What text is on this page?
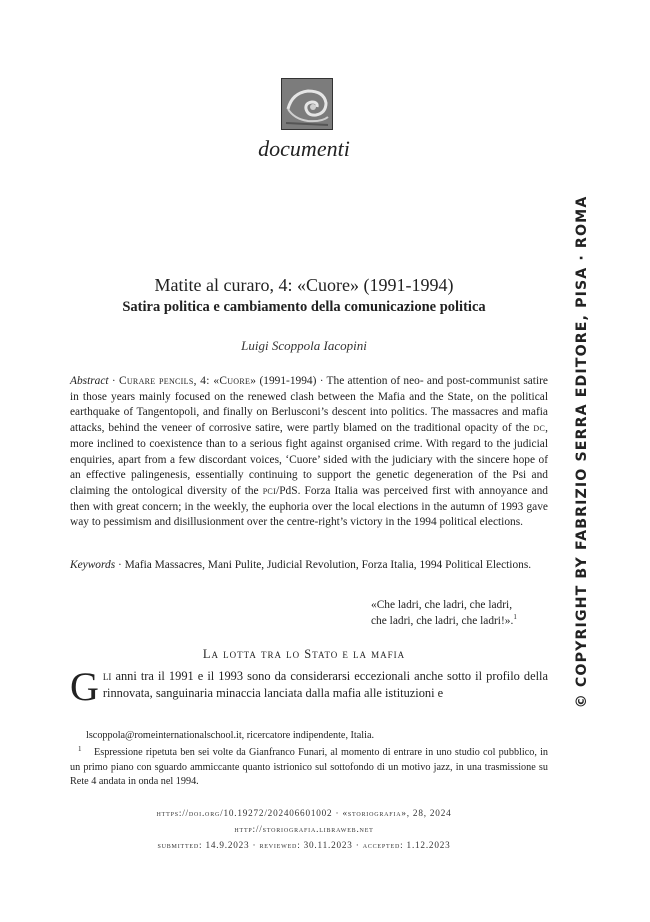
documenti
Matite al curaro, 4: «Cuore» (1991-1994)
Satira politica e cambiamento della comunicazione politica
Luigi Scoppola Iacopini
Abstract · Curare pencils, 4: «Cuore» (1991-1994) · The attention of neo- and post-communist satire in those years mainly focused on the renewed clash between the Mafia and the State, on the political earthquake of Tangentopoli, and finally on Berlusconi’s descent into politics. The massacres and mafia attacks, behind the veneer of corrosive satire, were partly blamed on the traditional opacity of the dc, more inclined to coexistence than to a serious fight against organised crime. With regard to the judicial enquiries, apart from a few discordant voices, ‘Cuore’ sided with the judiciary with the sincere hope of an effective palingenesis, essentially continuing to support the genetic degeneration of the Psi and claiming the ontological diversity of the pci/PdS. Forza Italia was perceived first with annoyance and then with great concern; in the weekly, the euphoria over the local elections in the autumn of 1993 gave way to pessimism and disillusionment over the centre-right’s victory in the 1994 political elections.
Keywords · Mafia Massacres, Mani Pulite, Judicial Revolution, Forza Italia, 1994 Political Elections.
«Che ladri, che ladri, che ladri,
che ladri, che ladri, che ladri!».$^1$
La lotta tra lo Stato e la mafia
Gli anni tra il 1991 e il 1993 sono da considerarsi eccezionali anche sotto il profilo della rinnovata, sanguinaria minaccia lanciata dalla mafia alle istituzioni e
lscoppola@romeinternationalschool.it, ricercatore indipendente, Italia.
1 Espressione ripetuta ben sei volte da Gianfranco Funari, al momento di entrare in uno studio col pubblico, in un primo piano con sguardo ammiccante quanto istrionico sul sottofondo di un motivo jazz, in una trasmissione su Rete 4 andata in onda nel 1994.
https://doi.org/10.19272/202406601002 · «storiografia», 28, 2024
http://storiografia.libraweb.net
submitted: 14.9.2023 · reviewed: 30.11.2023 · accepted: 1.12.2023
© COPYRIGHT BY FABRIZIO SERRA EDITORE, PISA · ROMA
